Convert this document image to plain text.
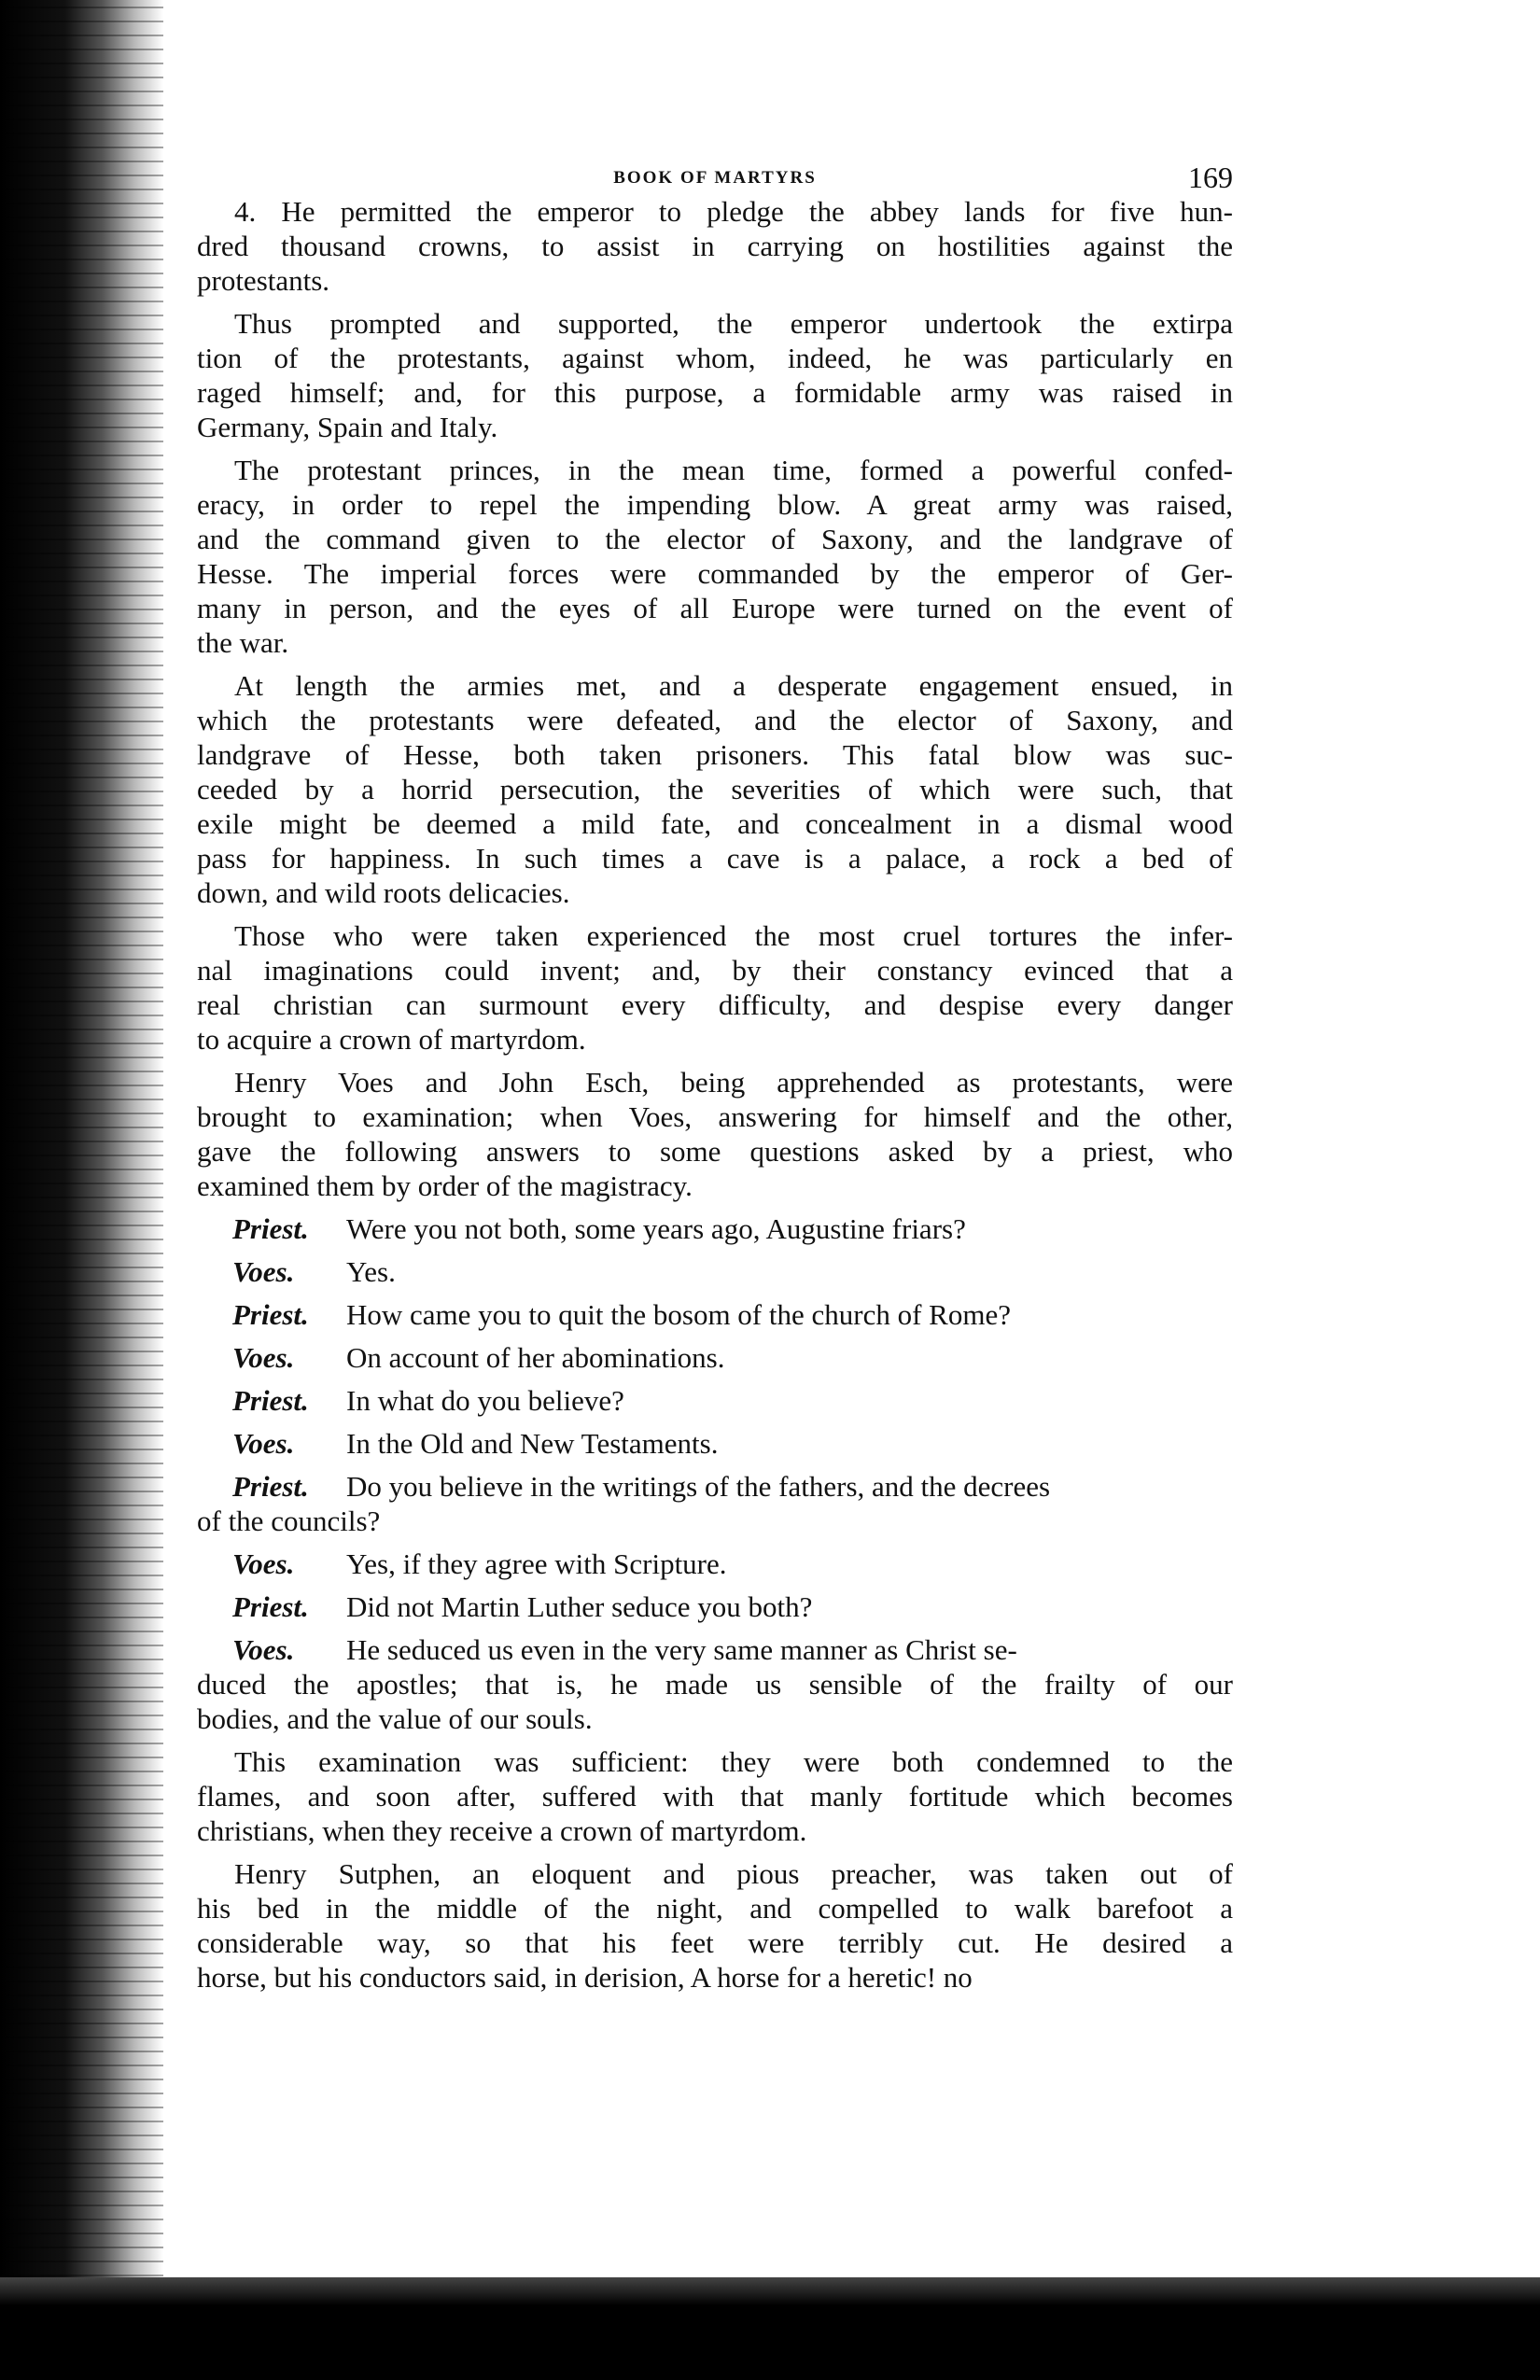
BOOK OF MARTYRS	169
4. He permitted the emperor to pledge the abbey lands for five hun-
dred thousand crowns, to assist in carrying on hostilities against the
protestants.
Thus prompted and supported, the emperor undertook the extirpa
tion of the protestants, against whom, indeed, he was particularly en
raged himself; and, for this purpose, a formidable army was raised in
Germany, Spain and Italy.
The protestant princes, in the mean time, formed a powerful confed-
eracy, in order to repel the impending blow. A great army was raised,
and the command given to the elector of Saxony, and the landgrave of
Hesse. The imperial forces were commanded by the emperor of Ger-
many in person, and the eyes of all Europe were turned on the event of
the war.
At length the armies met, and a desperate engagement ensued, in
which the protestants were defeated, and the elector of Saxony, and
landgrave of Hesse, both taken prisoners. This fatal blow was suc-
ceeded by a horrid persecution, the severities of which were such, that
exile might be deemed a mild fate, and concealment in a dismal wood
pass for happiness. In such times a cave is a palace, a rock a bed of
down, and wild roots delicacies.
Those who were taken experienced the most cruel tortures the infer-
nal imaginations could invent; and, by their constancy evinced that a
real christian can surmount every difficulty, and despise every danger
to acquire a crown of martyrdom.
Henry Voes and John Esch, being apprehended as protestants, were
brought to examination; when Voes, answering for himself and the other,
gave the following answers to some questions asked by a priest, who
examined them by order of the magistracy.
Priest.	Were you not both, some years ago, Augustine friars?
Voes.	Yes.
Priest.	How came you to quit the bosom of the church of Rome?
Voes.	On account of her abominations.
Priest.	In what do you believe?
Voes.	In the Old and New Testaments.
Priest.	Do you believe in the writings of the fathers, and the decrees
of the councils?
Voes.	Yes, if they agree with Scripture.
Priest.	Did not Martin Luther seduce you both?
Voes.	He seduced us even in the very same manner as Christ se-
duced the apostles; that is, he made us sensible of the frailty of our
bodies, and the value of our souls.
This examination was sufficient: they were both condemned to the
flames, and soon after, suffered with that manly fortitude which becomes
christians, when they receive a crown of martyrdom.
Henry Sutphen, an eloquent and pious preacher, was taken out of
his bed in the middle of the night, and compelled to walk barefoot a
considerable way, so that his feet were terribly cut. He desired a
horse, but his conductors said, in derision, A horse for a heretic! no
